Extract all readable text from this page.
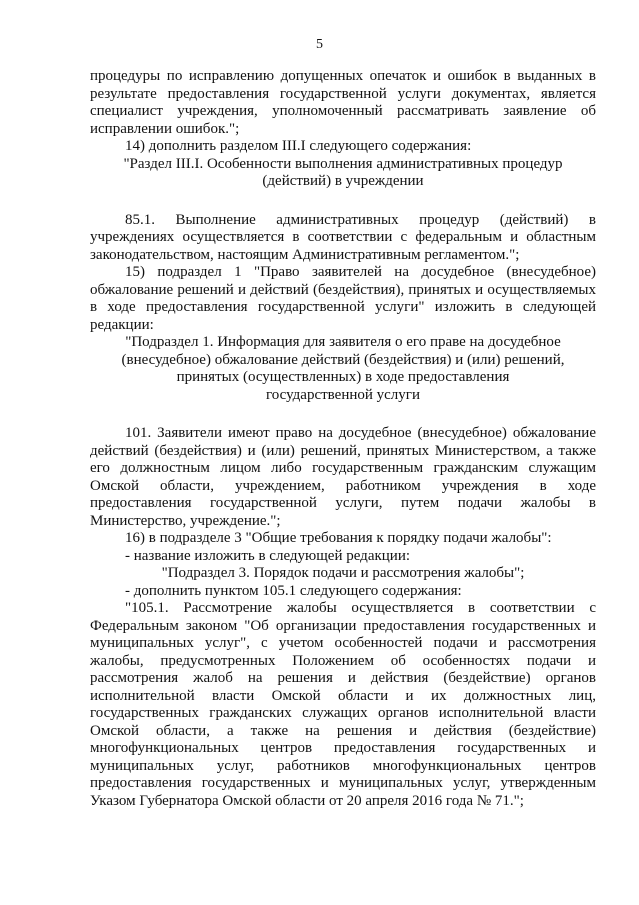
5

процедуры по исправлению допущенных опечаток и ошибок в выданных в результате предоставления государственной услуги документах, является специалист учреждения, уполномоченный рассматривать заявление об исправлении ошибок.";

14) дополнить разделом III.I следующего содержания:

"Раздел III.I. Особенности выполнения административных процедур

(действий) в учреждении

85.1. Выполнение административных процедур (действий) в учреждениях осуществляется в соответствии с федеральным и областным законодательством, настоящим Административным регламентом.";

15) подраздел 1 "Право заявителей на досудебное (внесудебное) обжалование решений и действий (бездействия), принятых и осуществляемых в ходе предоставления государственной услуги" изложить в следующей редакции:

"Подраздел 1. Информация для заявителя о его праве на досудебное

(внесудебное) обжалование действий (бездействия) и (или) решений,

принятых (осуществленных) в ходе предоставления

государственной услуги

101. Заявители имеют право на досудебное (внесудебное) обжалование действий (бездействия) и (или) решений, принятых Министерством, а также его должностным лицом либо государственным гражданским служащим Омской области, учреждением, работником учреждения в ходе предоставления государственной услуги, путем подачи жалобы в Министерство, учреждение.";

16) в подразделе 3 "Общие требования к порядку подачи жалобы":

- название изложить в следующей редакции:

"Подраздел 3. Порядок подачи и рассмотрения жалобы";

- дополнить пунктом 105.1 следующего содержания:

"105.1. Рассмотрение жалобы осуществляется в соответствии с Федеральным законом "Об организации предоставления государственных и муниципальных услуг", с учетом особенностей подачи и рассмотрения жалобы, предусмотренных Положением об особенностях подачи и рассмотрения жалоб на решения и действия (бездействие) органов исполнительной власти Омской области и их должностных лиц, государственных гражданских служащих органов исполнительной власти Омской области, а также на решения и действия (бездействие) многофункциональных центров предоставления государственных и муниципальных услуг, работников многофункциональных центров предоставления государственных и муниципальных услуг, утвержденным Указом Губернатора Омской области от 20 апреля 2016 года № 71.";
